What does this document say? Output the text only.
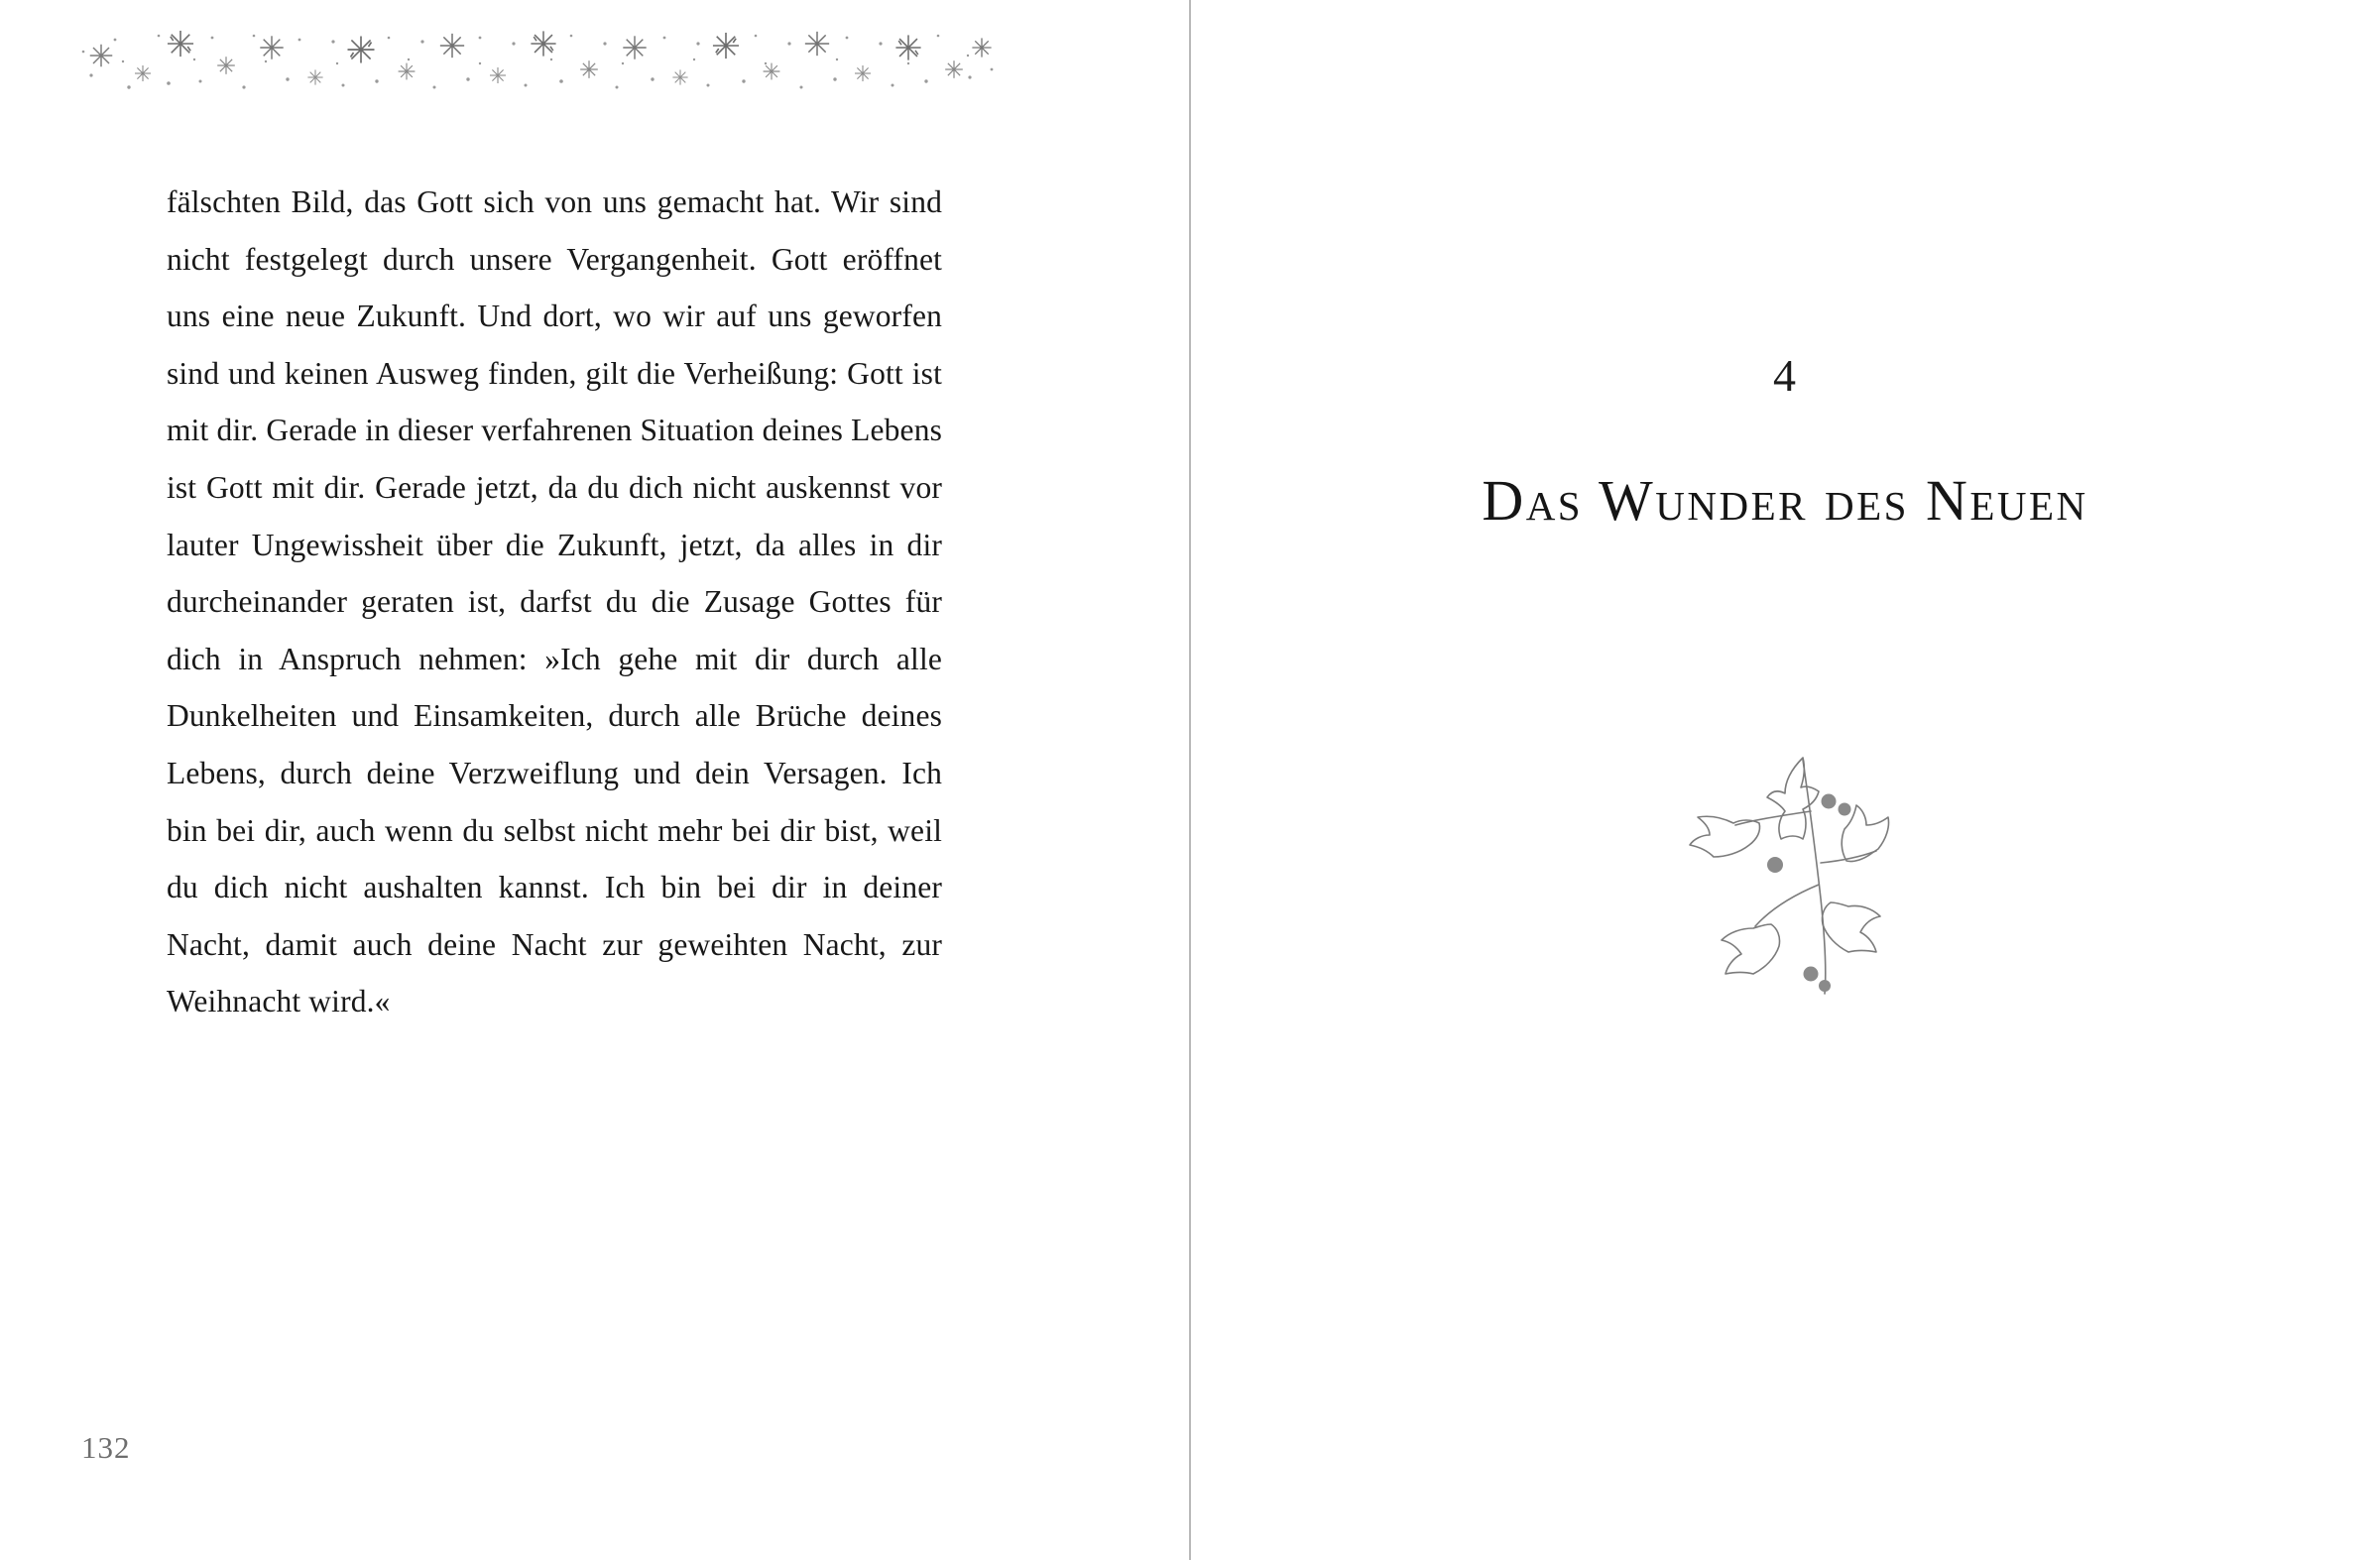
fälschten Bild, das Gott sich von uns gemacht hat. Wir sind nicht festgelegt durch unsere Vergangenheit. Gott eröffnet uns eine neue Zukunft. Und dort, wo wir auf uns geworfen sind und keinen Ausweg finden, gilt die Verheißung: Gott ist mit dir. Gerade in dieser verfahrenen Situation deines Lebens ist Gott mit dir. Gerade jetzt, da du dich nicht auskennst vor lauter Ungewissheit über die Zukunft, jetzt, da alles in dir durcheinander geraten ist, darfst du die Zusage Gottes für dich in Anspruch nehmen: »Ich gehe mit dir durch alle Dunkelheiten und Einsamkeiten, durch alle Brüche deines Lebens, durch deine Verzweiflung und dein Versagen. Ich bin bei dir, auch wenn du selbst nicht mehr bei dir bist, weil du dich nicht aushalten kannst. Ich bin bei dir in deiner Nacht, damit auch deine Nacht zur geweihten Nacht, zur Weihnacht wird.«
132
4
Das Wunder des Neuen
